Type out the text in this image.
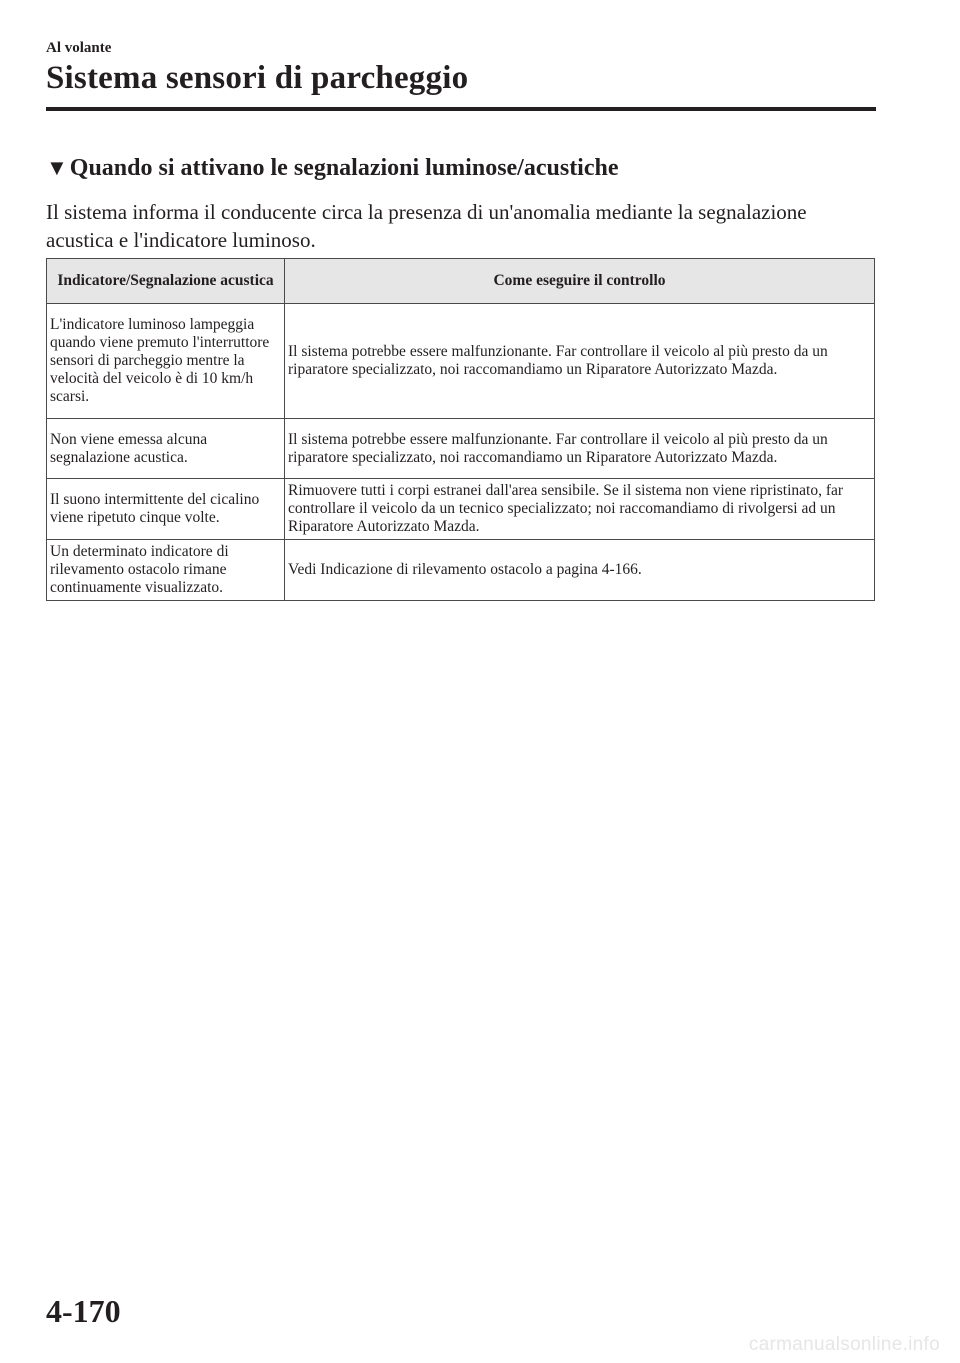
Al volante
Sistema sensori di parcheggio
▼ Quando si attivano le segnalazioni luminose/acustiche
Il sistema informa il conducente circa la presenza di un'anomalia mediante la segnalazione acustica e l'indicatore luminoso.
Indicatore/Segnalazione acustica	Come eseguire il controllo
L'indicatore luminoso lampeggia quando viene premuto l'interruttore sensori di parcheggio mentre la velocità del veicolo è di 10 km/h scarsi.	Il sistema potrebbe essere malfunzionante. Far controllare il veicolo al più presto da un riparatore specializzato, noi raccomandiamo un Riparatore Autorizzato Mazda.
Non viene emessa alcuna segnalazione acustica.	Il sistema potrebbe essere malfunzionante. Far controllare il veicolo al più presto da un riparatore specializzato, noi raccomandiamo un Riparatore Autorizzato Mazda.
Il suono intermittente del cicalino viene ripetuto cinque volte.	Rimuovere tutti i corpi estranei dall'area sensibile. Se il sistema non viene ripristinato, far controllare il veicolo da un tecnico specializzato; noi raccomandiamo di rivolgersi ad un Riparatore Autorizzato Mazda.
Un determinato indicatore di rilevamento ostacolo rimane continuamente visualizzato.	Vedi Indicazione di rilevamento ostacolo a pagina 4-166.
4-170
carmanualsonline.info
